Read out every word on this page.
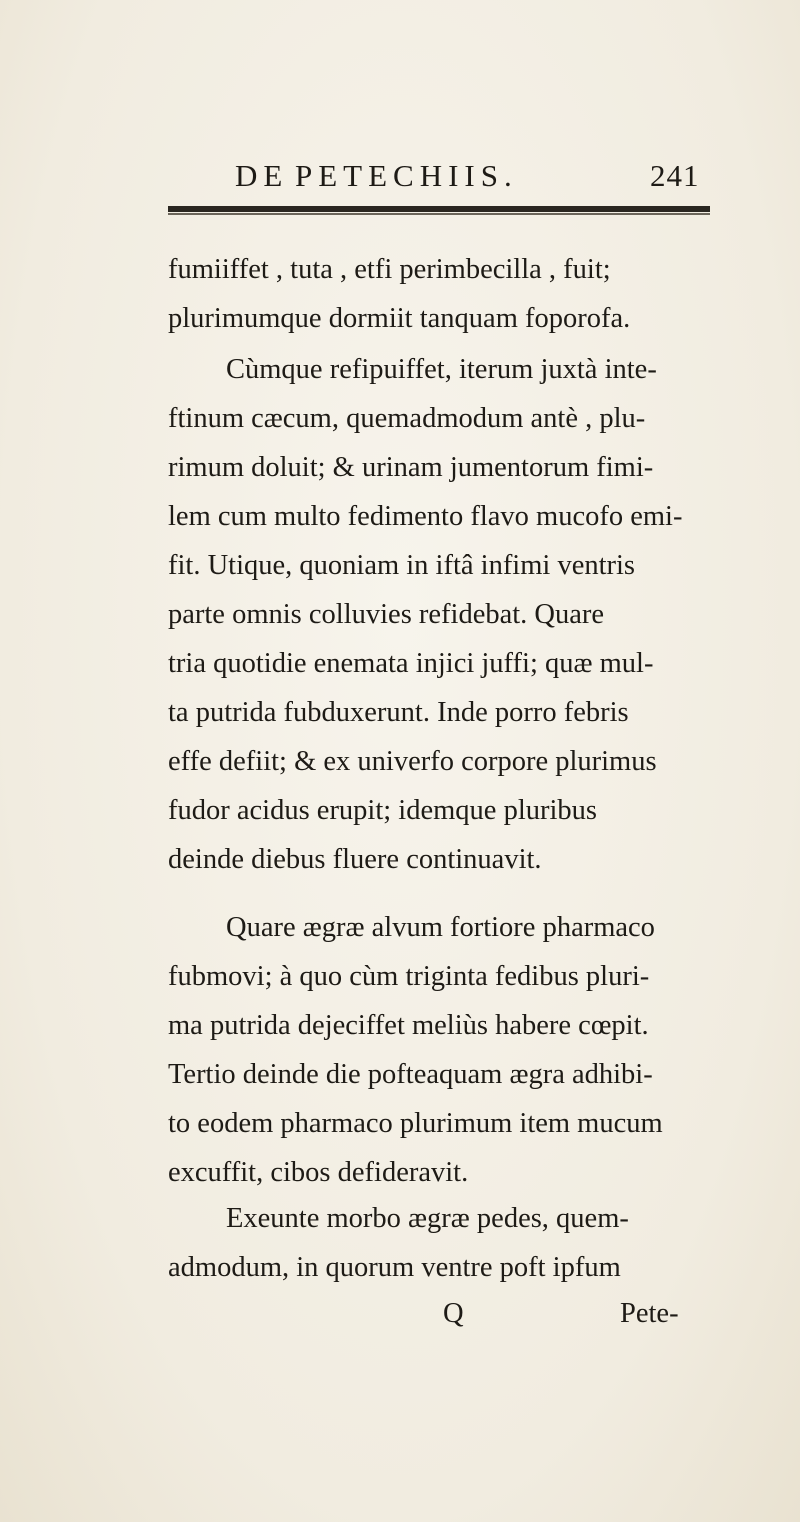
DE PETECHIIS.	241
fumiiffet , tuta , etfi perimbecilla , fuit;
plurimumque dormiit tanquam foporofa.
Cùmque refipuiffet, iterum juxtà inte-
ftinum cæcum, quemadmodum antè , plu-
rimum doluit; & urinam jumentorum fimi-
lem cum multo fedimento flavo mucofo emi-
fit. Utique, quoniam in iftâ infimi ventris
parte omnis colluvies refidebat. Quare
tria quotidie enemata injici juffi; quæ mul-
ta putrida fubduxerunt. Inde porro febris
effe defiit; & ex univerfo corpore plurimus
fudor acidus erupit; idemque pluribus
deinde diebus fluere continuavit.
Quare ægræ alvum fortiore pharmaco
fubmovi; à quo cùm triginta fedibus pluri-
ma putrida dejeciffet meliùs habere cœpit.
Tertio deinde die pofteaquam ægra adhibi-
to eodem pharmaco plurimum item mucum
excuffit, cibos defideravit.
Exeunte morbo ægræ pedes, quem-
admodum, in quorum ventre poft ipfum
Q	Pete-
